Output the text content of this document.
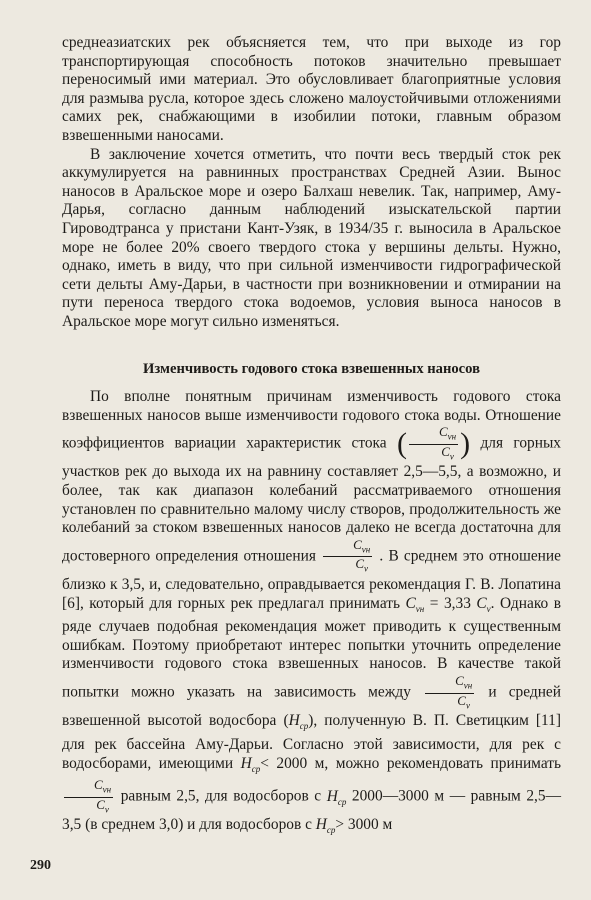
среднеазиатских рек объясняется тем, что при выходе из гор транспортирующая способность потоков значительно превышает переносимый ими материал. Это обусловливает благоприятные условия для размыва русла, которое здесь сложено малоустойчивыми отложениями самих рек, снабжающими в изобилии потоки, главным образом взвешенными наносами.

В заключение хочется отметить, что почти весь твердый сток рек аккумулируется на равнинных пространствах Средней Азии. Вынос наносов в Аральское море и озеро Балхаш невелик. Так, например, Аму-Дарья, согласно данным наблюдений изыскательской партии Гироводтранса у пристани Кант-Узяк, в 1934/35 г. выносила в Аральское море не более 20% своего твердого стока у вершины дельты. Нужно, однако, иметь в виду, что при сильной изменчивости гидрографической сети дельты Аму-Дарьи, в частности при возникновении и отмирании на пути переноса твердого стока водоемов, условия выноса наносов в Аральское море могут сильно изменяться.

Изменчивость годового стока взвешенных наносов

По вполне понятным причинам изменчивость годового стока взвешенных наносов выше изменчивости годового стока воды. Отношение коэффициентов вариации характеристик стока ( $\frac{C_{vн}}{C_v}$ ) для горных участков рек до выхода их на равнину составляет 2,5—5,5, а возможно, и более, так как диапазон колебаний рассматриваемого отношения установлен по сравнительно малому числу створов, продолжительность же колебаний за стоком взвешенных наносов далеко не всегда достаточна для достоверного определения отношения $\frac{C_{vн}}{C_v}$ . В среднем это отношение близко к 3,5, и, следовательно, оправдывается рекомендация Г. В. Лопатина [6], который для горных рек предлагал принимать $C_{vн} = 3,33$ $C_v$. Однако в ряде случаев подобная рекомендация может приводить к существенным ошибкам. Поэтому приобретают интерес попытки уточнить определение изменчивости годового стока взвешенных наносов. В качестве такой попытки можно указать на зависимость между $\frac{C_{vн}}{C_v}$ и средней взвешенной высотой водосбора $(H_{ср})$, полученную В. П. Светицким [11] для рек бассейна Аму-Дарьи. Согласно этой зависимости, для рек с водосборами, имеющими $H_{ср}< 2000$ м, можно рекомендовать принимать
$\frac{C_{vн}}{C_v}$ равным 2,5, для водосборов с $H_{ср}$ 2000—3000 м — равным 2,5—3,5 (в среднем 3,0) и для водосборов с $H_{ср}> 3000$ м

290
